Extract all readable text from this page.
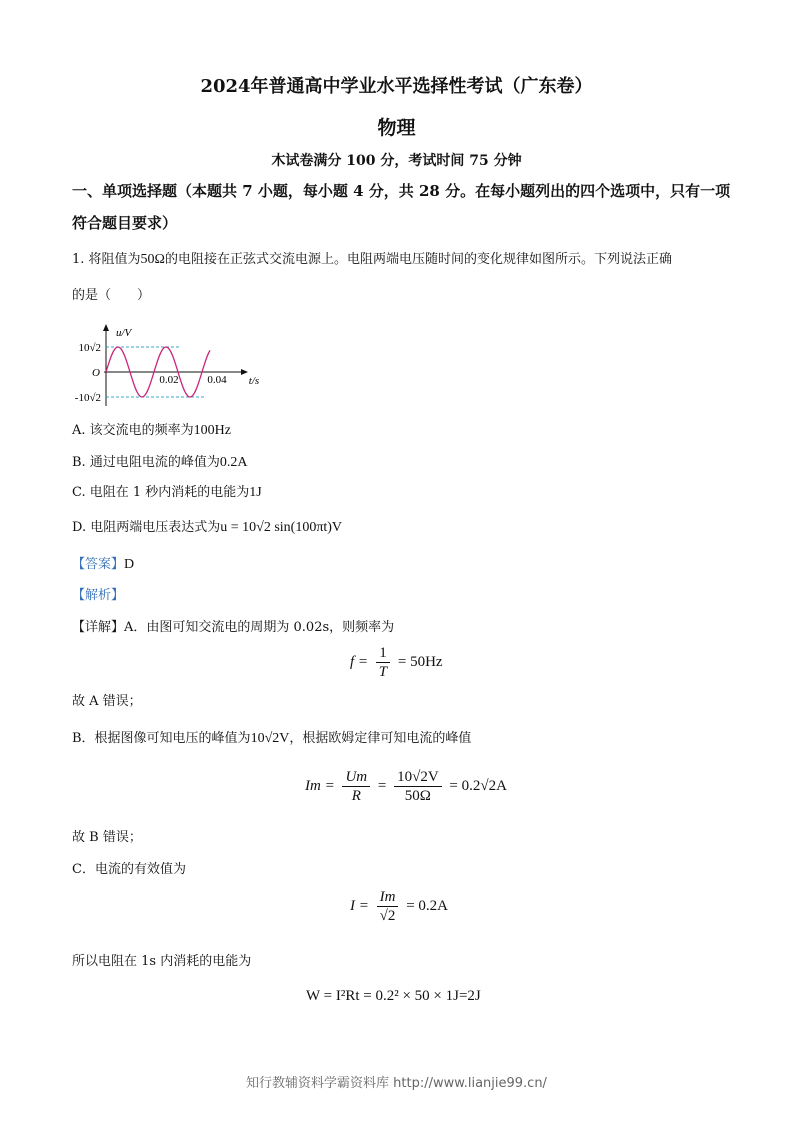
2024年普通高中学业水平选择性考试（广东卷）
物理
木试卷满分 100 分，考试时间 75 分钟
一、单项选择题（本题共 7 小题，每小题 4 分，共 28 分。在每小题列出的四个选项中，只有一项符合题目要求）
1. 将阻值为50Ω的电阻接在正弦式交流电源上。电阻两端电压随时间的变化规律如图所示。下列说法正确
的是（　　）
u/V
t/s
O
10√2
-10√2
0.02	0.04
A. 该交流电的频率为100Hz
B. 通过电阻电流的峰值为0.2A
C. 电阻在 1 秒内消耗的电能为1J
D. 电阻两端电压表达式为u = 10√2 sin(100πt)V
【答案】D
【解析】
【详解】A．由图可知交流电的周期为 0.02s，则频率为
$f = \frac{1}{T} = 50Hz$
故 A 错误；
B．根据图像可知电压的峰值为10√2V，根据欧姆定律可知电流的峰值
$Im = \frac{Um}{R} = \frac{10√2V}{50\Omega} = 0.2√2A$
故 B 错误；
C．电流的有效值为
$I = \frac{Im}{√2} = 0.2A$
所以电阻在 1s 内消耗的电能为
W = I²Rt = 0.2² × 50 × 1J=2J
知行教辅资料学霸资料库 http://www.lianjie99.cn/
